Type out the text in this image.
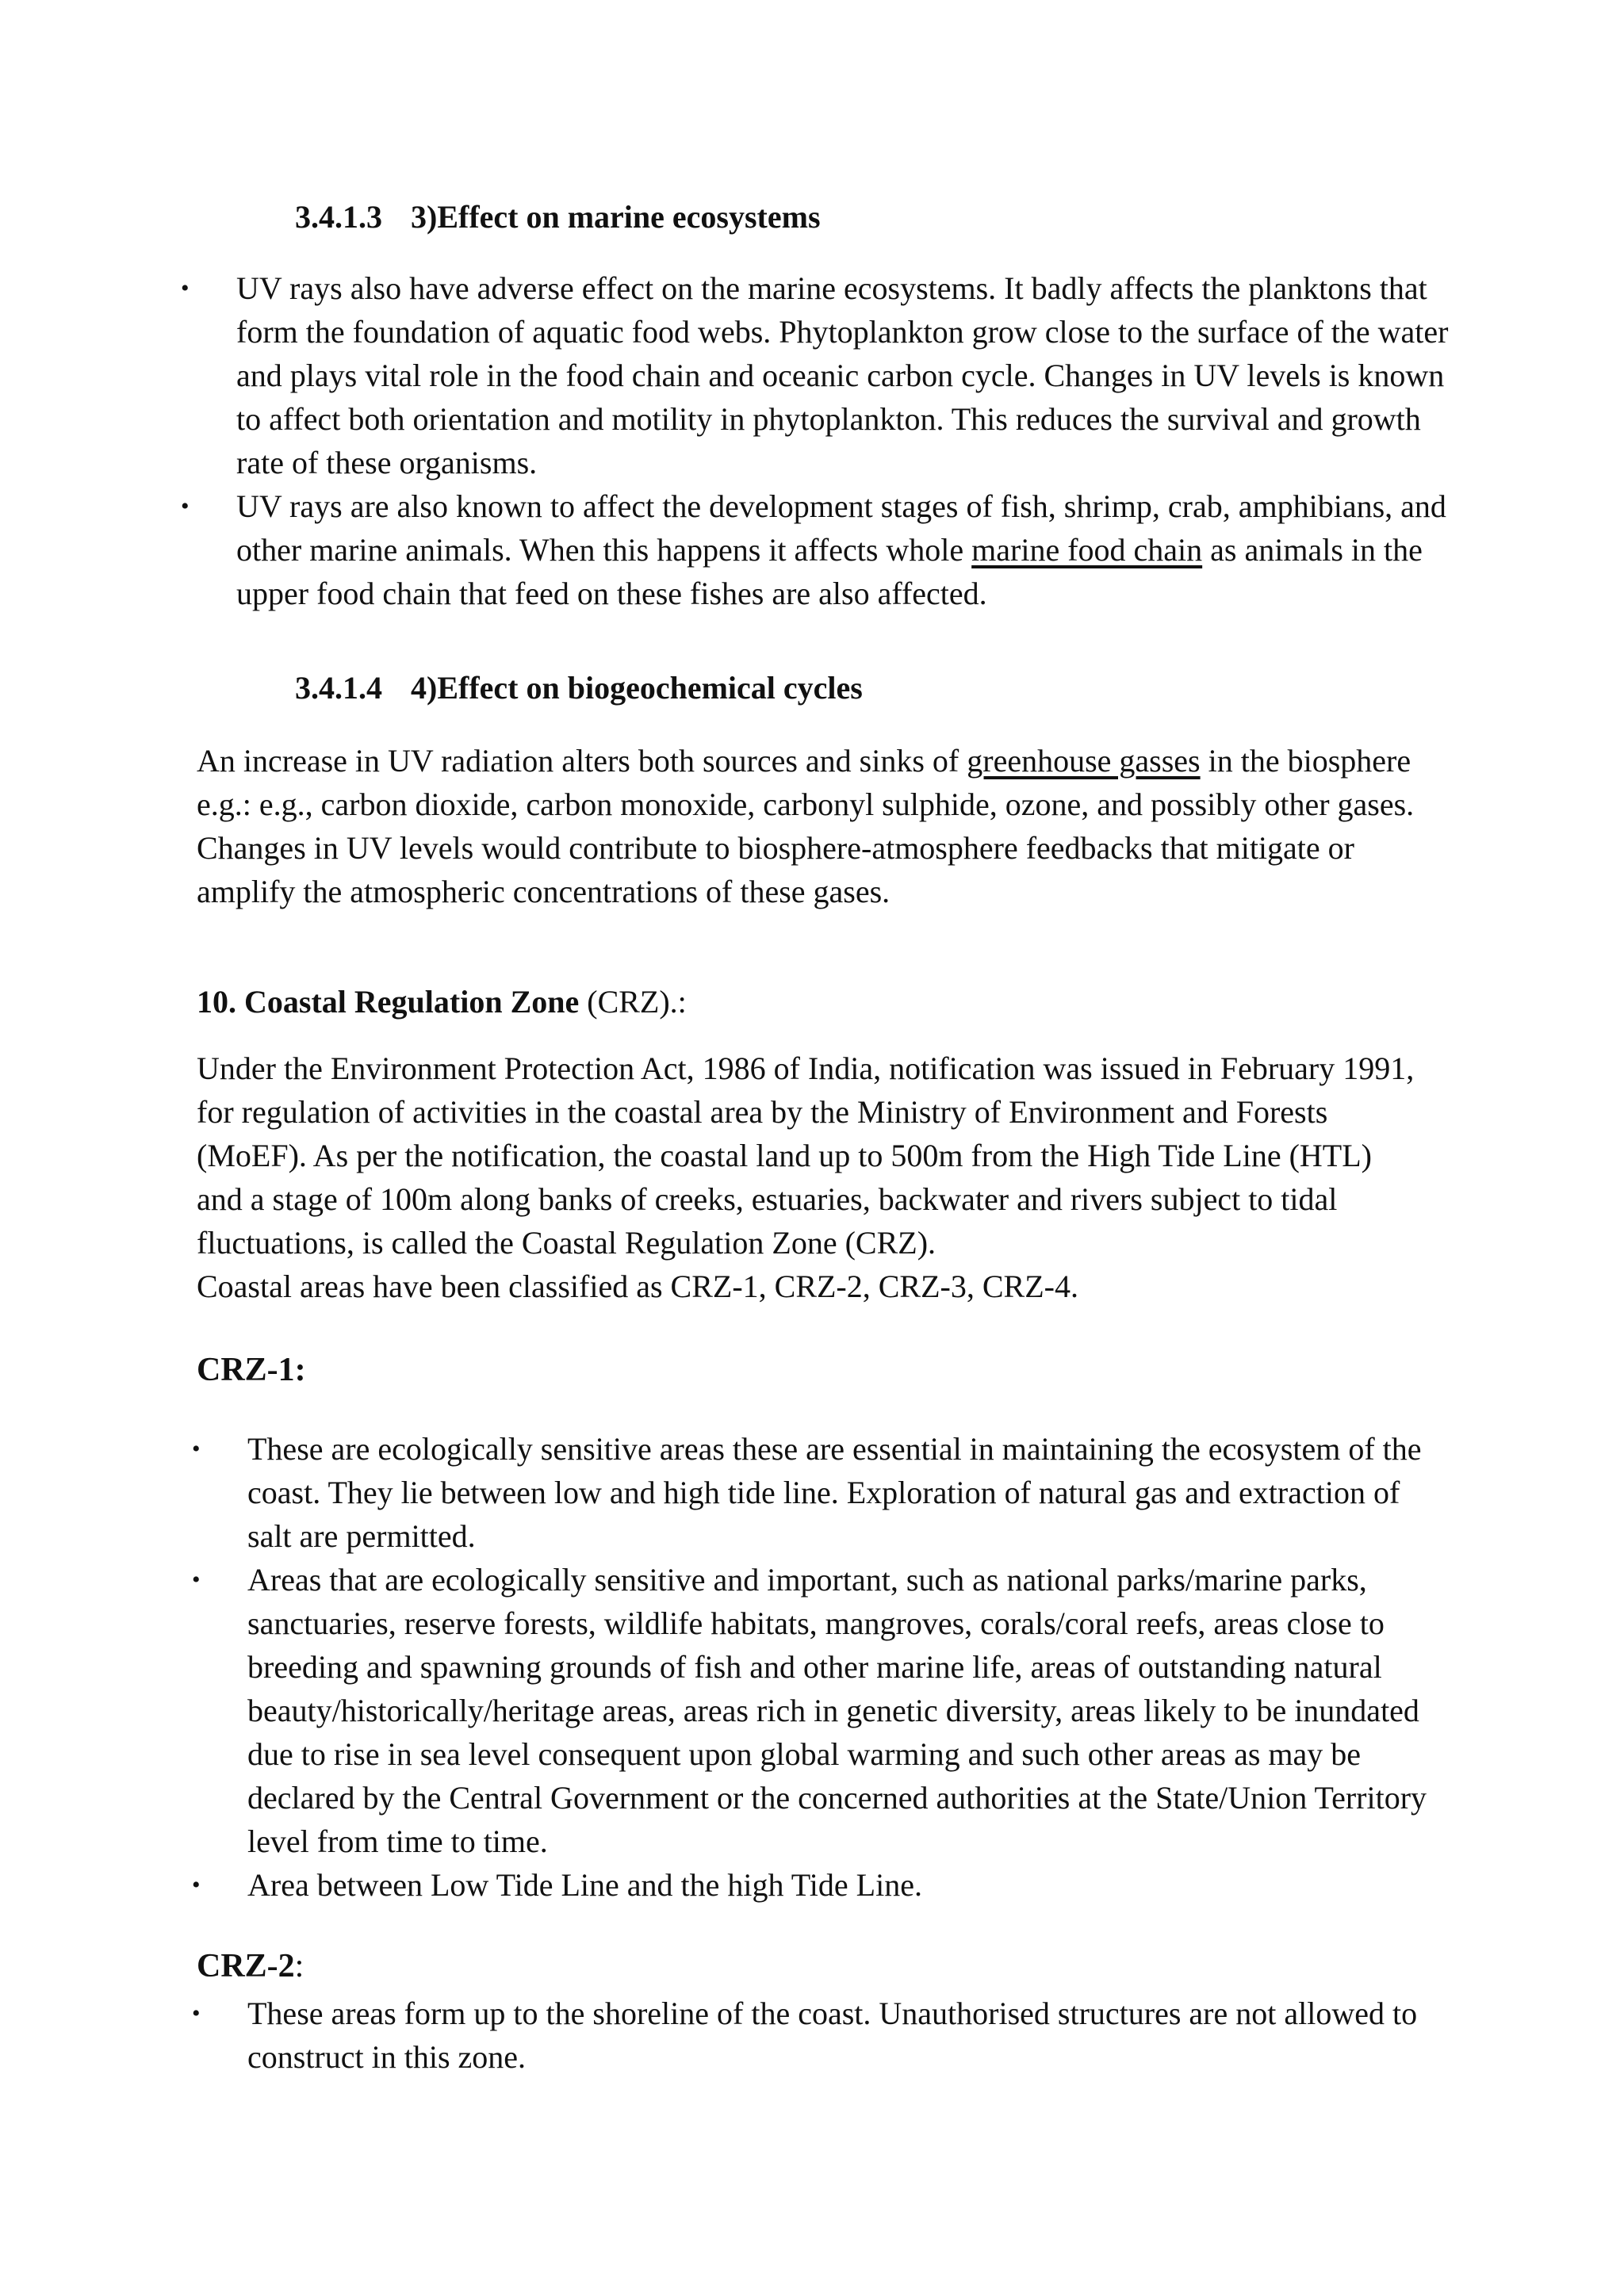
3.4.1.3 3)Effect on marine ecosystems
• UV rays also have adverse effect on the marine ecosystems. It badly affects the planktons that form the foundation of aquatic food webs. Phytoplankton grow close to the surface of the water and plays vital role in the food chain and oceanic carbon cycle. Changes in UV levels is known to affect both orientation and motility in phytoplankton. This reduces the survival and growth rate of these organisms.
• UV rays are also known to affect the development stages of fish, shrimp, crab, amphibians, and other marine animals. When this happens it affects whole marine food chain as animals in the upper food chain that feed on these fishes are also affected.
3.4.1.4 4)Effect on biogeochemical cycles

An increase in UV radiation alters both sources and sinks of greenhouse gasses in the biosphere e.g.: e.g., carbon dioxide, carbon monoxide, carbonyl sulphide, ozone, and possibly other gases. Changes in UV levels would contribute to biosphere-atmosphere feedbacks that mitigate or amplify the atmospheric concentrations of these gases.

10. Coastal Regulation Zone (CRZ).:

Under the Environment Protection Act, 1986 of India, notification was issued in February 1991, for regulation of activities in the coastal area by the Ministry of Environment and Forests (MoEF). As per the notification, the coastal land up to 500m from the High Tide Line (HTL) and a stage of 100m along banks of creeks, estuaries, backwater and rivers subject to tidal fluctuations, is called the Coastal Regulation Zone (CRZ).
Coastal areas have been classified as CRZ-1, CRZ-2, CRZ-3, CRZ-4.

CRZ-1:
• These are ecologically sensitive areas these are essential in maintaining the ecosystem of the coast. They lie between low and high tide line. Exploration of natural gas and extraction of salt are permitted.
• Areas that are ecologically sensitive and important, such as national parks/marine parks, sanctuaries, reserve forests, wildlife habitats, mangroves, corals/coral reefs, areas close to breeding and spawning grounds of fish and other marine life, areas of outstanding natural beauty/historically/heritage areas, areas rich in genetic diversity, areas likely to be inundated due to rise in sea level consequent upon global warming and such other areas as may be declared by the Central Government or the concerned authorities at the State/Union Territory level from time to time.
• Area between Low Tide Line and the high Tide Line.
CRZ-2:
• These areas form up to the shoreline of the coast. Unauthorised structures are not allowed to construct in this zone.
